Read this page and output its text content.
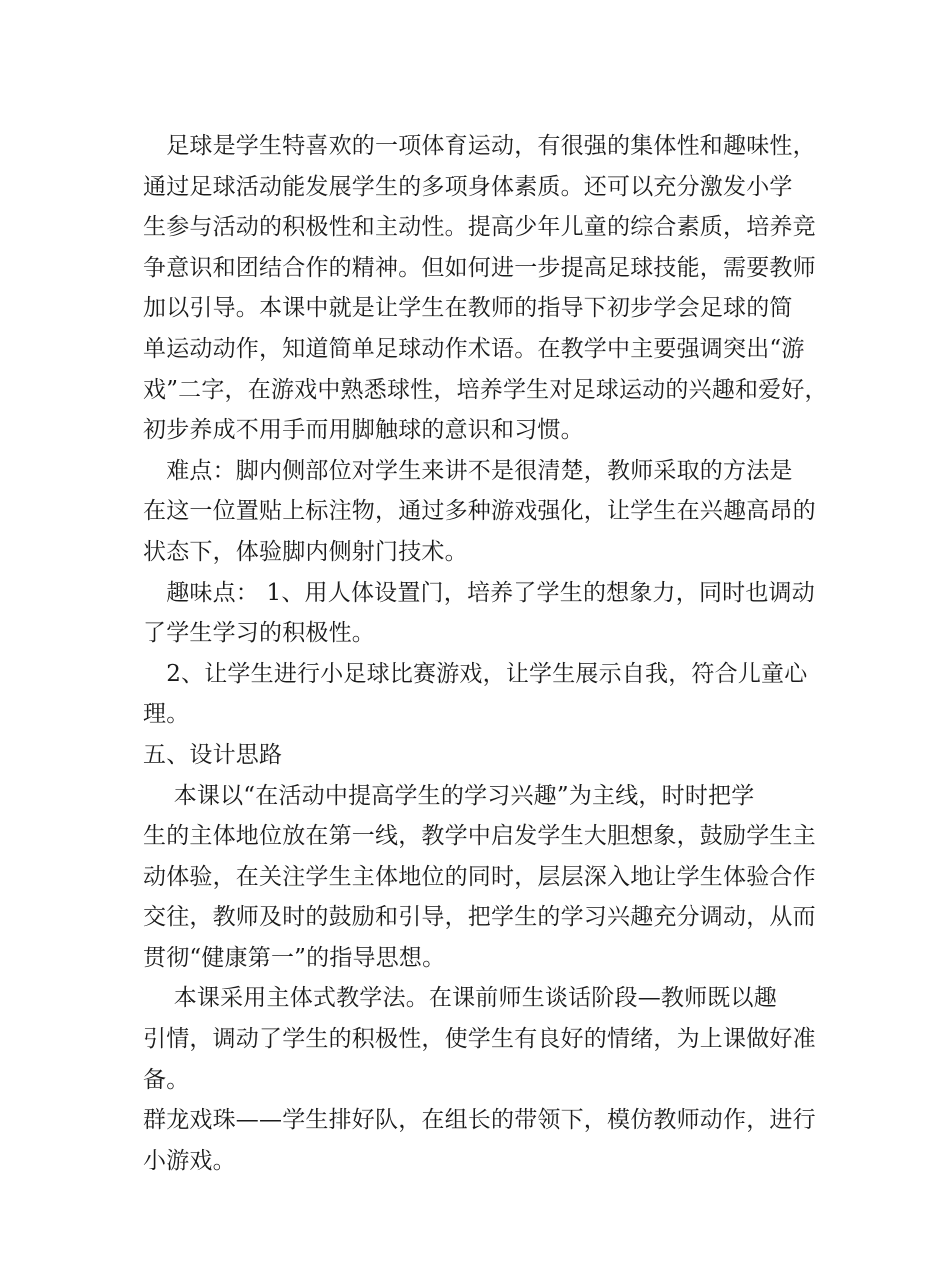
　足球是学生特喜欢的一项体育运动，有很强的集体性和趣味性，
通过足球活动能发展学生的多项身体素质。还可以充分激发小学
生参与活动的积极性和主动性。提高少年儿童的综合素质，培养竞
争意识和团结合作的精神。但如何进一步提高足球技能，需要教师
加以引导。本课中就是让学生在教师的指导下初步学会足球的简
单运动动作，知道简单足球动作术语。在教学中主要强调突出“游
戏”二字，在游戏中熟悉球性，培养学生对足球运动的兴趣和爱好，
初步养成不用手而用脚触球的意识和习惯。
　难点：脚内侧部位对学生来讲不是很清楚，教师采取的方法是
在这一位置贴上标注物，通过多种游戏强化，让学生在兴趣高昂的
状态下，体验脚内侧射门技术。
　趣味点： 1、用人体设置门，培养了学生的想象力，同时也调动
了学生学习的积极性。
　2、让学生进行小足球比赛游戏，让学生展示自我，符合儿童心
理。
五、设计思路
　 本课以“在活动中提高学生的学习兴趣”为主线，时时把学
生的主体地位放在第一线，教学中启发学生大胆想象，鼓励学生主
动体验，在关注学生主体地位的同时，层层深入地让学生体验合作
交往，教师及时的鼓励和引导，把学生的学习兴趣充分调动，从而
贯彻“健康第一”的指导思想。
　 本课采用主体式教学法。在课前师生谈话阶段—教师既以趣
引情，调动了学生的积极性，使学生有良好的情绪，为上课做好准
备。
群龙戏珠——学生排好队，在组长的带领下，模仿教师动作，进行
小游戏。
